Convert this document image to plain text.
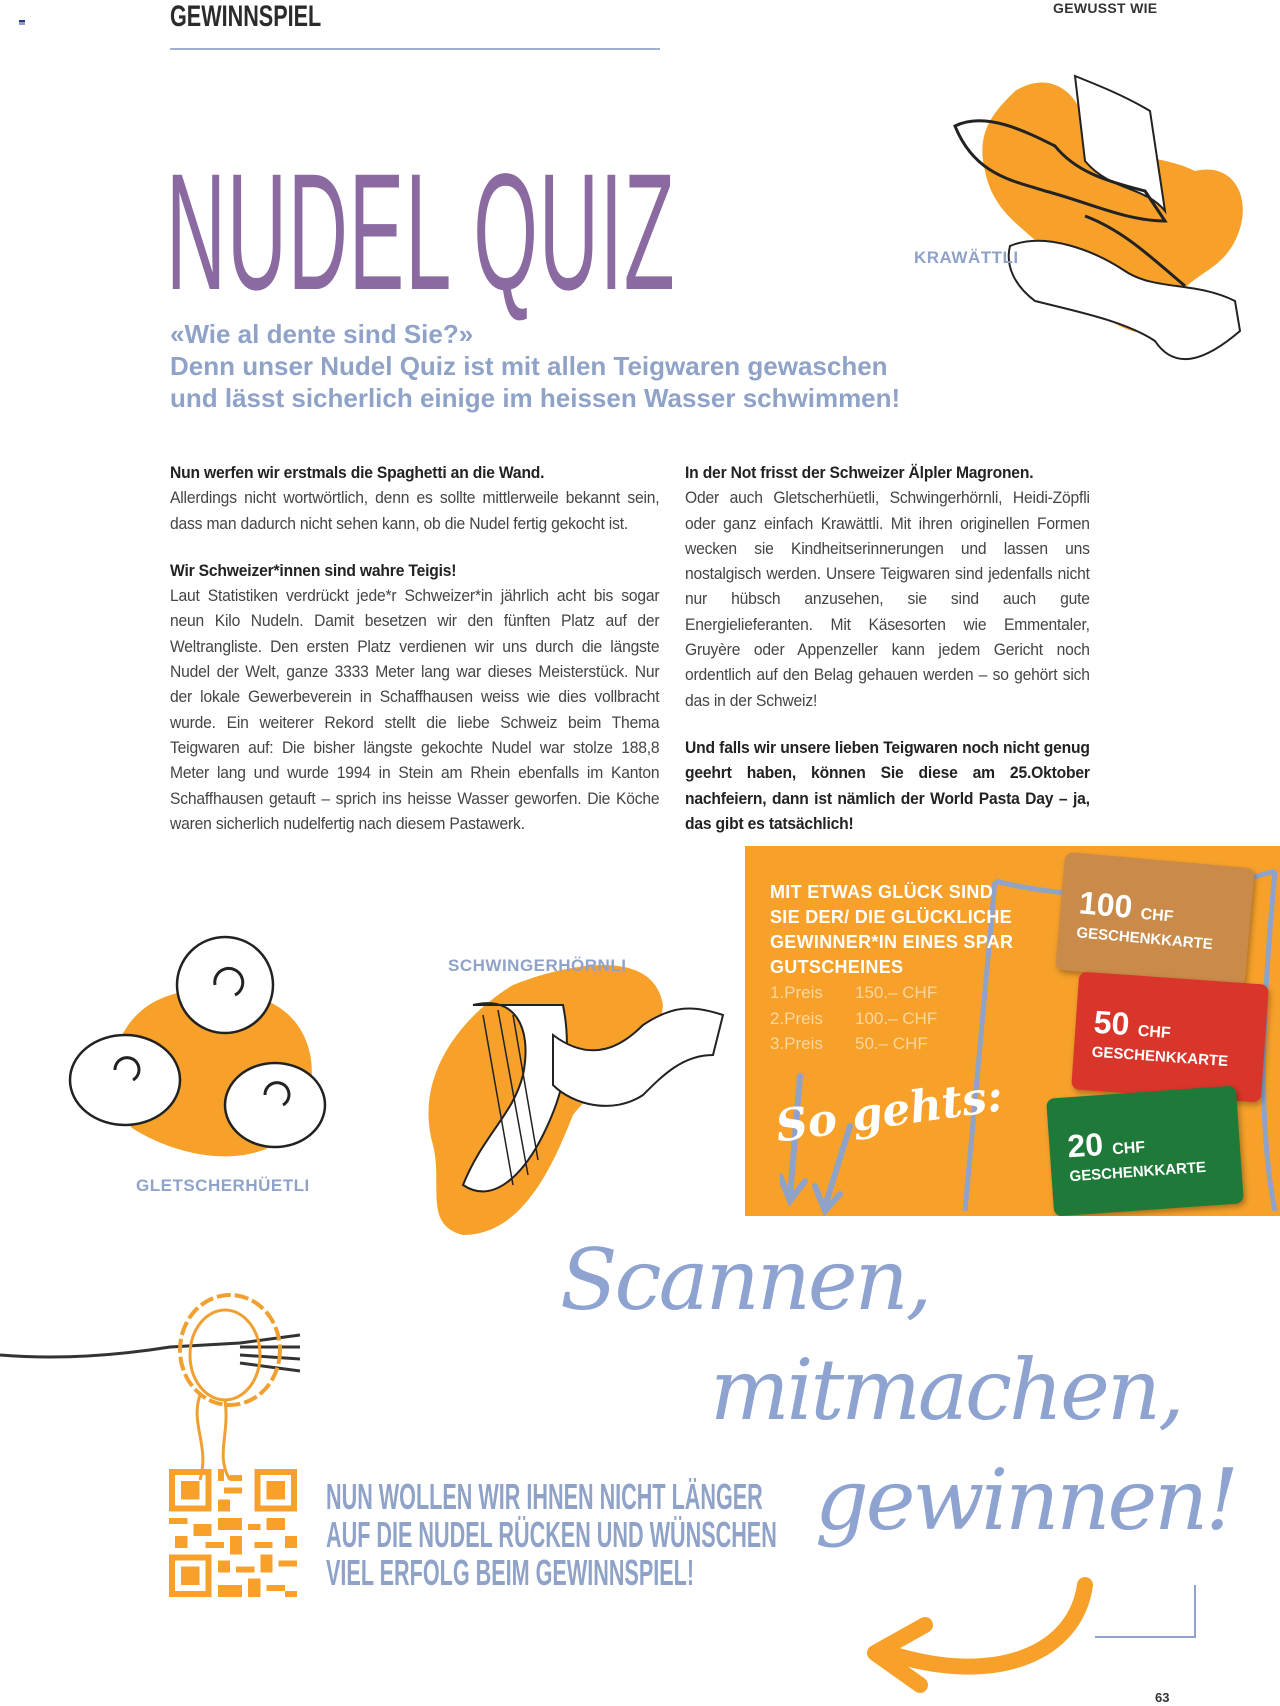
GEWINNSPIEL	GEWUSST WIE
NUDEL QUIZ
«Wie al dente sind Sie?»
Denn unser Nudel Quiz ist mit allen Teigwaren gewaschen
und lässt sicherlich einige im heissen Wasser schwimmen!
KRAWÄTTLI
Nun werfen wir erstmals die Spaghetti an die Wand.

Allerdings nicht wortwörtlich, denn es sollte mittlerweile bekannt sein, dass man dadurch nicht sehen kann, ob die Nudel fertig gekocht ist.

Wir Schweizer*innen sind wahre Teigis!

Laut Statistiken verdrückt jede*r Schweizer*in jährlich acht bis sogar neun Kilo Nudeln. Damit besetzen wir den fünften Platz auf der Weltrangliste. Den ersten Platz verdienen wir uns durch die längste Nudel der Welt, ganze 3333 Meter lang war dieses Meisterstück. Nur der lokale Gewerbeverein in Schaffhausen weiss wie dies vollbracht wurde. Ein weiterer Rekord stellt die liebe Schweiz beim Thema Teigwaren auf: Die bisher längste gekochte Nudel war stolze 188,8 Meter lang und wurde 1994 in Stein am Rhein ebenfalls im Kanton Schaffhausen getauft – sprich ins heisse Wasser geworfen. Die Köche waren sicherlich nudelfertig nach diesem Pastawerk.

In der Not frisst der Schweizer Älpler Magronen.

Oder auch Gletscherhüetli, Schwingerhörnli, Heidi-Zöpfli oder ganz einfach Krawättli. Mit ihren originellen Formen wecken sie Kindheitserinnerungen und lassen uns nostalgisch werden. Unsere Teigwaren sind jedenfalls nicht nur hübsch anzusehen, sie sind auch gute Energielieferanten. Mit Käsesorten wie Emmentaler, Gruyère oder Appenzeller kann jedem Gericht noch ordentlich auf den Belag gehauen werden – so gehört sich das in der Schweiz!

Und falls wir unsere lieben Teigwaren noch nicht genug geehrt haben, können Sie diese am 25.Oktober nachfeiern, dann ist nämlich der World Pasta Day – ja, das gibt es tatsächlich!
GLETSCHERHÜETLI
SCHWINGERHÖRNLI
MIT ETWAS GLÜCK SIND
SIE DER/ DIE GLÜCKLICHE
GEWINNER*IN EINES SPAR
GUTSCHEINES
1.Preis 150.– CHF
2.Preis 100.– CHF
3.Preis 50.– CHF
So gehts:
100 CHF
GESCHENKKARTE
50 CHF
GESCHENKKARTE
20 CHF
GESCHENKKARTE
NUN WOLLEN WIR IHNEN NICHT LÄNGER
AUF DIE NUDEL RÜCKEN UND WÜNSCHEN
VIEL ERFOLG BEIM GEWINNSPIEL!
Scannen,
mitmachen,
gewinnen!
63
